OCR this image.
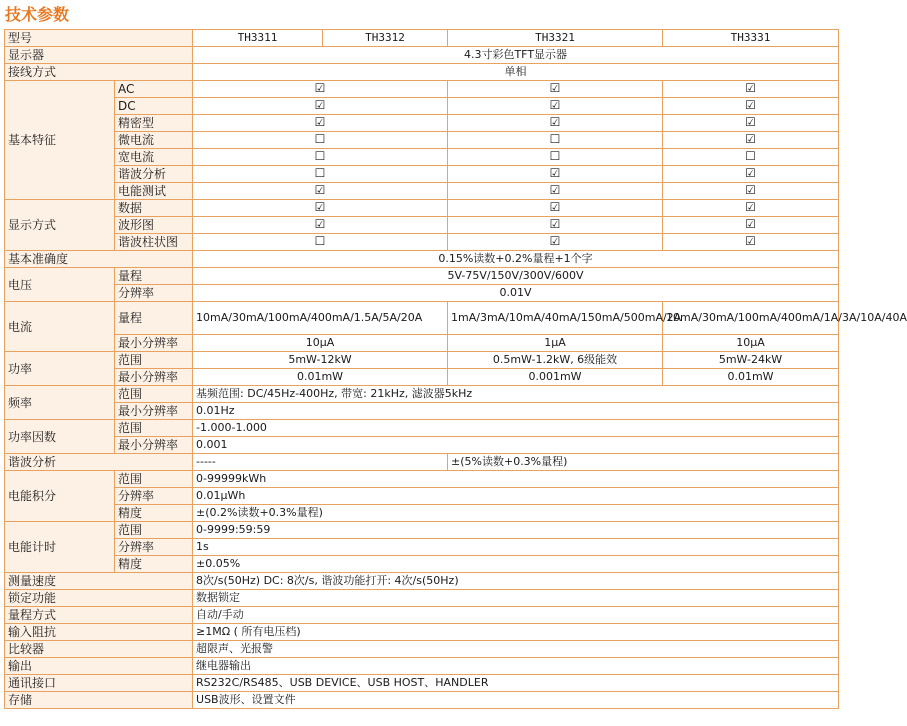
技术参数
型号		TH3311	TH3312	TH3321	TH3331	
显示器		4.3寸彩色TFT显示器				
接线方式		单相				
基本特征	AC	☑		☑	☑	
	DC	☑		☑	☑	
	精密型	☑		☑	☑	
	微电流	☐		☐	☑	
	宽电流	☐		☐	☐	
	谐波分析	☐		☑	☑	
	电能测试	☑		☑	☑	
显示方式	数据	☑		☑	☑	
	波形图	☑		☑	☑	
	谐波柱状图	☐		☑	☑	
基本准确度		0.15%读数+0.2%量程+1个字				
电压	量程	5V-75V/150V/300V/600V				
	分辨率	0.01V				
电流	量程	10mA/30mA/100mA/400mA/1.5A/5A/20A		1mA/3mA/10mA/40mA/150mA/500mA/2A	10mA/30mA/100mA/400mA/1A/3A/10A/40A	
	最小分辨率	10μA		1μA	10μA	
功率	范围	5mW-12kW		0.5mW-1.2kW, 6级能效	5mW-24kW	
	最小分辨率	0.01mW		0.001mW	0.01mW	
频率	范围	基频范围: DC/45Hz-400Hz, 带宽: 21kHz, 滤波器5kHz				
	最小分辨率	0.01Hz				
功率因数	范围	-1.000-1.000				
	最小分辨率	0.001				
谐波分析		-----		±(5%读数+0.3%量程)		
电能积分	范围	0-99999kWh				
	分辨率	0.01μWh				
	精度	±(0.2%读数+0.3%量程)				
电能计时	范围	0-9999:59:59				
	分辨率	1s				
	精度	±0.05%				
测量速度		8次/s(50Hz) DC: 8次/s, 谐波功能打开: 4次/s(50Hz)				
锁定功能		数据锁定				
量程方式		自动/手动				
输入阻抗		≥1MΩ ( 所有电压档)				
比较器		超限声、光报警				
输出		继电器输出				
通讯接口		RS232C/RS485、USB DEVICE、USB HOST、HANDLER				
存储		USB波形、设置文件				
